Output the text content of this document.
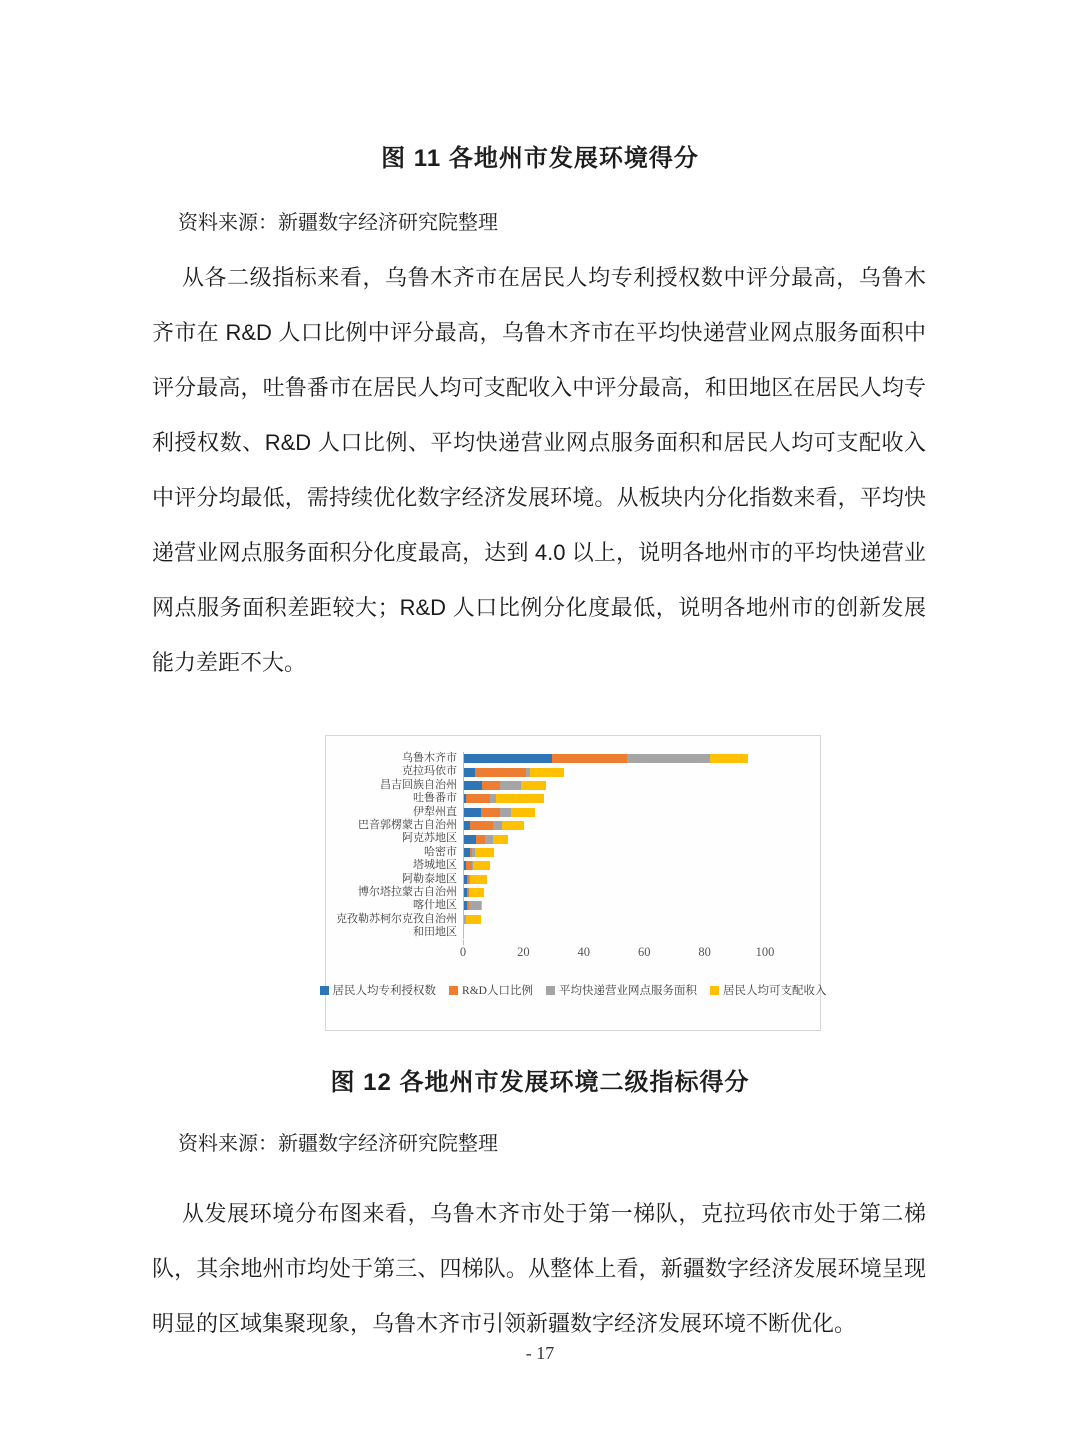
图 11 各地州市发展环境得分
资料来源：新疆数字经济研究院整理

从各二级指标来看，乌鲁木齐市在居民人均专利授权数中评分最高，乌鲁木齐市在 R&D 人口比例中评分最高，乌鲁木齐市在平均快递营业网点服务面积中评分最高，吐鲁番市在居民人均可支配收入中评分最高，和田地区在居民人均专利授权数、R&D 人口比例、平均快递营业网点服务面积和居民人均可支配收入中评分均最低，需持续优化数字经济发展环境。从板块内分化指数来看，平均快递营业网点服务面积分化度最高，达到 4.0 以上，说明各地州市的平均快递营业网点服务面积差距较大；R&D 人口比例分化度最低，说明各地州市的创新发展能力差距不大。

乌鲁木齐市
克拉玛依市
昌吉回族自治州
吐鲁番市
伊犁州直
巴音郭楞蒙古自治州
阿克苏地区
哈密市
塔城地区
阿勒泰地区
博尔塔拉蒙古自治州
喀什地区
克孜勒苏柯尔克孜自治州
和田地区
0	20	40	60	80	100
居民人均专利授权数 R&D人口比例 平均快递营业网点服务面积 居民人均可支配收入
图 12 各地州市发展环境二级指标得分
资料来源：新疆数字经济研究院整理

从发展环境分布图来看，乌鲁木齐市处于第一梯队，克拉玛依市处于第二梯队，其余地州市均处于第三、四梯队。从整体上看，新疆数字经济发展环境呈现明显的区域集聚现象，乌鲁木齐市引领新疆数字经济发展环境不断优化。

- 17
